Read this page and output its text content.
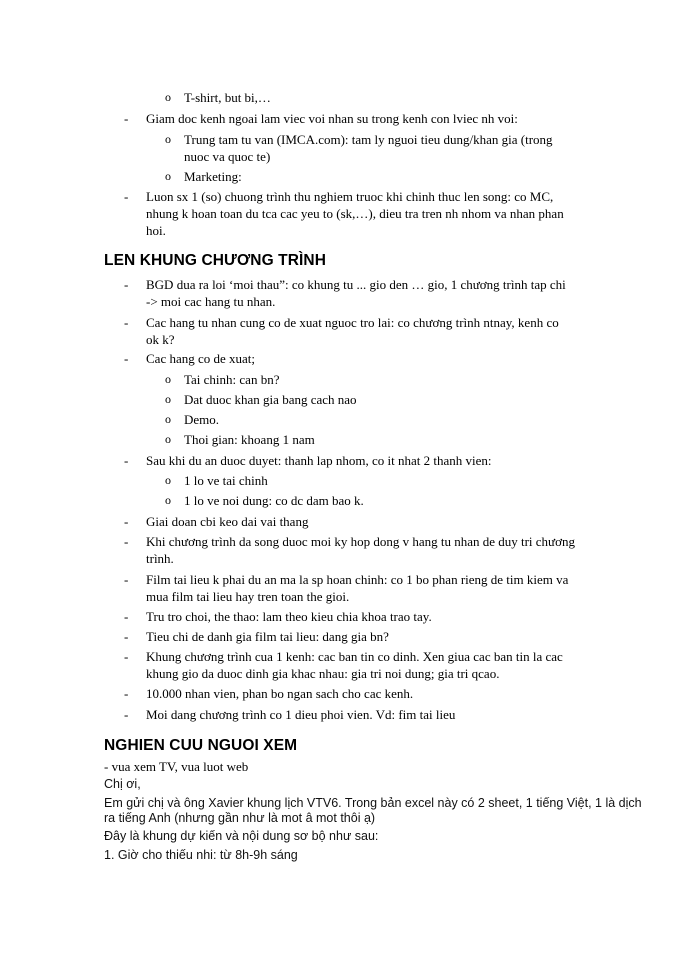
o T-shirt, but bi,…
- Giam doc kenh ngoai lam viec voi nhan su trong kenh con lviec nh voi:
o Trung tam tu van (IMCA.com): tam ly nguoi tieu dung/khan gia (trong
nuoc va quoc te)
o Marketing:
- Luon sx 1 (so) chuong trình thu nghiem truoc khi chinh thuc len song: co MC,
nhung k hoan toan du tca cac yeu to (sk,…), dieu tra tren nh nhom va nhan phan
hoi.
LEN KHUNG CHƯƠNG TRÌNH
- BGD dua ra loi ‘moi thau”: co khung tu ... gio den … gio, 1 chương trình tap chi
-> moi cac hang tu nhan.
- Cac hang tu nhan cung co de xuat nguoc tro lai: co chương trình ntnay, kenh co
ok k?
- Cac hang co de xuat;
o Tai chinh: can bn?
o Dat duoc khan gia bang cach nao
o Demo.
o Thoi gian: khoang 1 nam
- Sau khi du an duoc duyet: thanh lap nhom, co it nhat 2 thanh vien:
o 1 lo ve tai chinh
o 1 lo ve noi dung: co dc dam bao k.
- Giai doan cbi keo dai vai thang
- Khi chương trình da song duoc moi ky hop dong v hang tu nhan de duy tri chương
trình.
- Film tai lieu k phai du an ma la sp hoan chinh: co 1 bo phan rieng de tim kiem va
mua film tai lieu hay tren toan the gioi.
- Tru tro choi, the thao: lam theo kieu chia khoa trao tay.
- Tieu chi de danh gia film tai lieu: dang gia bn?
- Khung chương trình cua 1 kenh: cac ban tin co dinh. Xen giua cac ban tin la cac
khung gio da duoc dinh gia khac nhau: gia tri noi dung; gia tri qcao.
- 10.000 nhan vien, phan bo ngan sach cho cac kenh.
- Moi dang chương trình co 1 dieu phoi vien. Vd: fim tai lieu
NGHIEN CUU NGUOI XEM
- vua xem TV, vua luot web
Chị ơi,
Em gửi chị và ông Xavier khung lịch VTV6. Trong bản excel này có 2 sheet, 1 tiếng Việt, 1 là dịch
ra tiếng Anh (nhưng gần như là mot â mot thôi ạ)
Đây là khung dự kiến và nội dung sơ bộ như sau:
1. Giờ cho thiếu nhi: từ 8h-9h sáng
